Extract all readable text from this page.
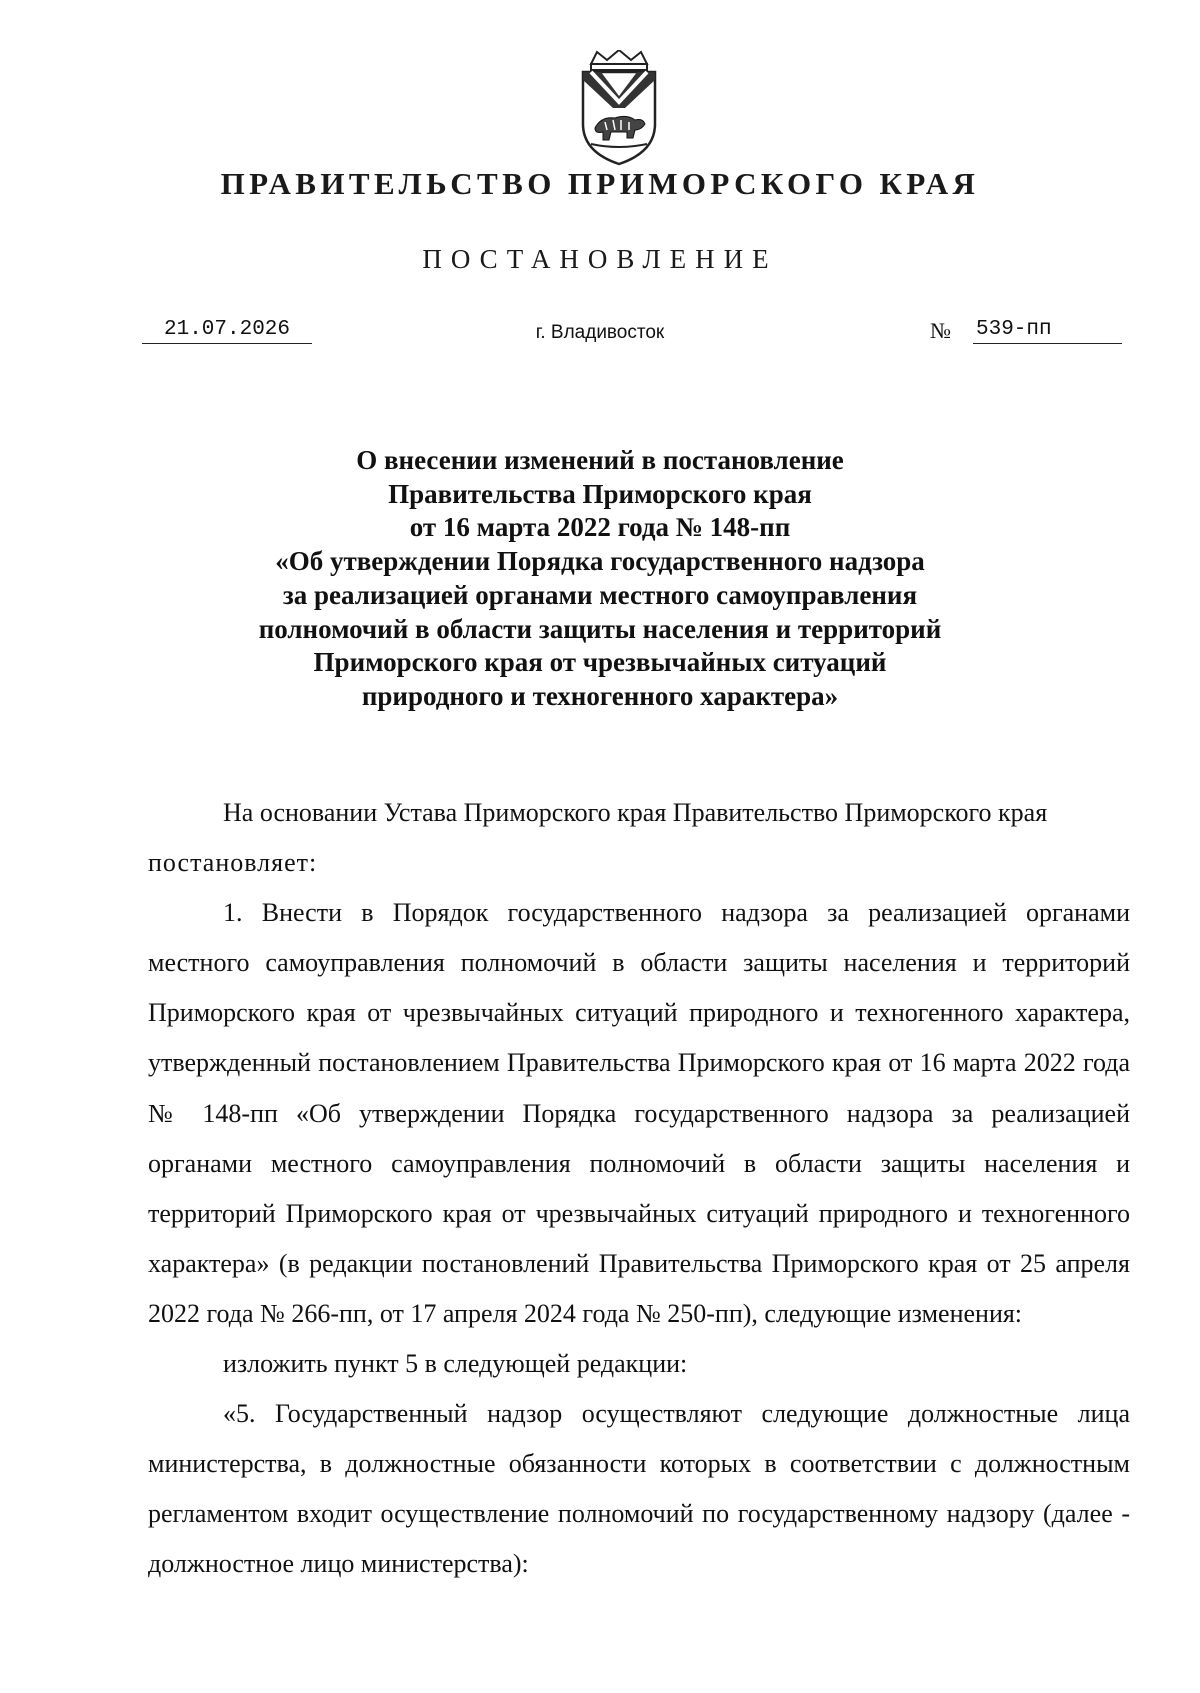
ПРАВИТЕЛЬСТВО ПРИМОРСКОГО КРАЯ
ПОСТАНОВЛЕНИЕ
21.07.2026	г. Владивосток	№ 539-пп
О внесении изменений в постановление
Правительства Приморского края
от 16 марта 2022 года № 148-пп
«Об утверждении Порядка государственного надзора
за реализацией органами местного самоуправления
полномочий в области защиты населения и территорий
Приморского края от чрезвычайных ситуаций
природного и техногенного характера»

На основании Устава Приморского края Правительство Приморского края

постановляет:

1. Внести в Порядок государственного надзора за реализацией органами местного самоуправления полномочий в области защиты населения и территорий Приморского края от чрезвычайных ситуаций природного и техногенного характера, утвержденный постановлением Правительства Приморского края от 16 марта 2022 года № 148-пп «Об утверждении Порядка государственного надзора за реализацией органами местного самоуправления полномочий в области защиты населения и территорий Приморского края от чрезвычайных ситуаций природного и техногенного характера» (в редакции постановлений Правительства Приморского края от 25 апреля 2022 года № 266-пп, от 17 апреля 2024 года № 250-пп), следующие изменения:

изложить пункт 5 в следующей редакции:

«5. Государственный надзор осуществляют следующие должностные лица министерства, в должностные обязанности которых в соответствии с должностным регламентом входит осуществление полномочий по государственному надзору (далее - должностное лицо министерства):
